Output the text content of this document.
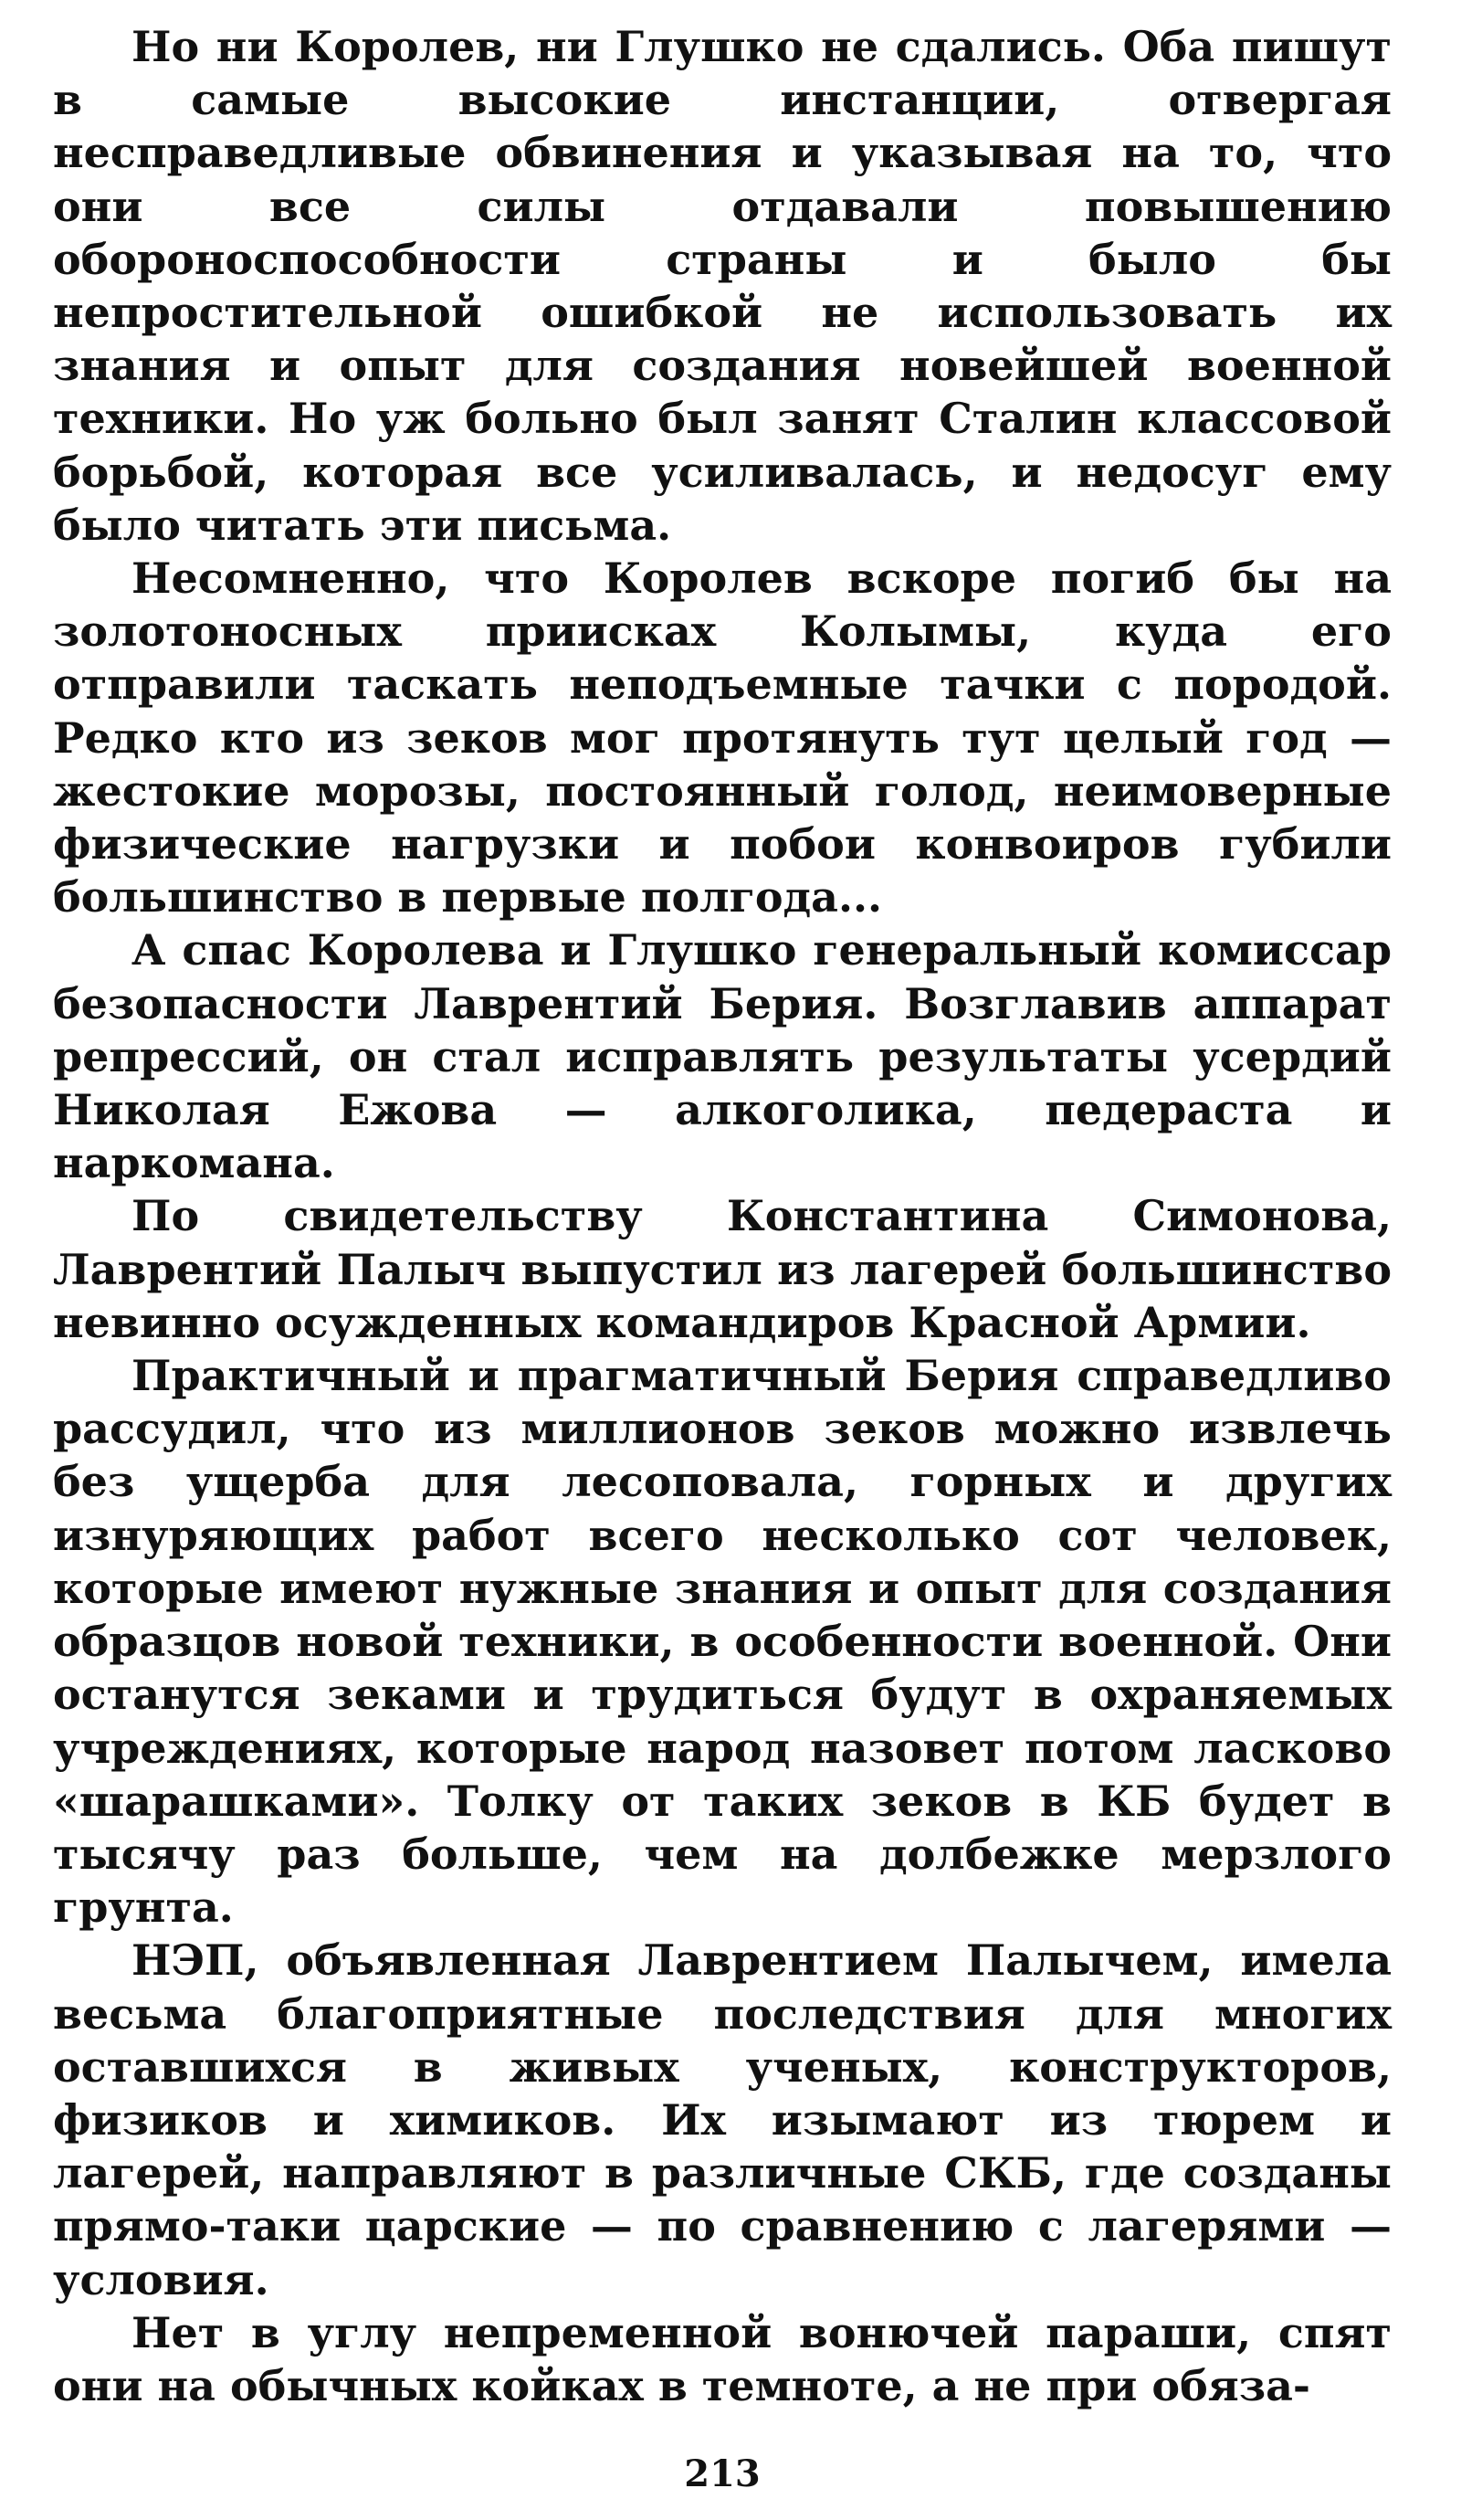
Но ни Королев, ни Глушко не сдались. Оба пишут в самые высокие инстанции, отвергая несправедливые обвинения и указывая на то, что они все силы отдавали повышению обороноспособности страны и было бы непростительной ошибкой не использовать их знания и опыт для создания новейшей военной техники. Но уж больно был занят Сталин классовой борьбой, которая все усиливалась, и недосуг ему было читать эти письма.

Несомненно, что Королев вскоре погиб бы на золотоносных приисках Колымы, куда его отправили таскать неподъемные тачки с породой. Редко кто из зеков мог протянуть тут целый год — жестокие морозы, постоянный голод, неимоверные физические нагрузки и побои конвоиров губили большинство в первые полгода...

А спас Королева и Глушко генеральный комиссар безопасности Лаврентий Берия. Возглавив аппарат репрессий, он стал исправлять результаты усердий Николая Ежова — алкоголика, педераста и наркомана.

По свидетельству Константина Симонова, Лаврентий Палыч выпустил из лагерей большинство невинно осужденных командиров Красной Армии.

Практичный и прагматичный Берия справедливо рассудил, что из миллионов зеков можно извлечь без ущерба для лесоповала, горных и других изнуряющих работ всего несколько сот человек, которые имеют нужные знания и опыт для создания образцов новой техники, в особенности военной. Они останутся зеками и трудиться будут в охраняемых учреждениях, которые народ назовет потом ласково «шарашками». Толку от таких зеков в КБ будет в тысячу раз больше, чем на долбежке мерзлого грунта.

НЭП, объявленная Лаврентием Палычем, имела весьма благоприятные последствия для многих оставшихся в живых ученых, конструкторов, физиков и химиков. Их изымают из тюрем и лагерей, направляют в различные СКБ, где созданы прямо-таки царские — по сравнению с лагерями — условия.

Нет в углу непременной вонючей параши, спят они на обычных койках в темноте, а не при обяза-

213
